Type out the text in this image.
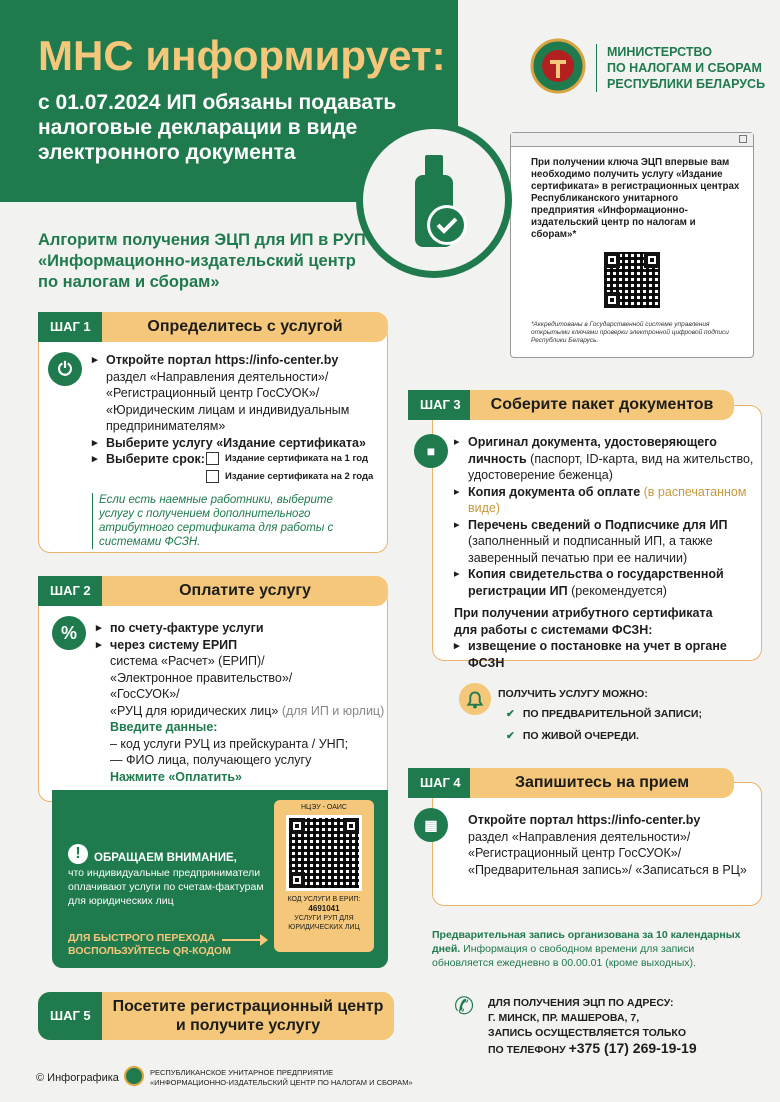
МНС информирует:
с 01.07.2024 ИП обязаны подавать налоговые декларации в виде электронного документа
МИНИСТЕРСТВО
ПО НАЛОГАМ И СБОРАМ
РЕСПУБЛИКИ БЕЛАРУСЬ
При получении ключа ЭЦП впервые вам необходимо получить услугу «Издание сертификата» в регистрационных центрах Республиканского унитарного предприятия «Информационно-издательский центр по налогам и сборам»*
*Аккредитованы в Государственной системе управления открытыми ключами проверки электронной цифровой подписи Республики Беларусь.
Алгоритм получения ЭЦП для ИП в РУП «Информационно-издательский центр по налогам и сборам»
ШАГ 1	Определитесь с услугой
⏻	▸ Откройте портал https://info-center.by
раздел «Направления деятельности»/ «Регистрационный центр ГосСУОК»/ «Юридическим лицам и индивидуальным предпринимателям»
▸ Выберите услугу «Издание сертификата»
▸ Выберите срок:	Издание сертификата на 1 год
Издание сертификата на 2 года
Если есть наемные работники, выберите услугу с получением дополнительного атрибутного сертификата для работы с системами ФСЗН.
ШАГ 2	Оплатите услугу
%	▸ по счету-фактуре услуги
▸ через систему ЕРИП
система «Расчет» (ЕРИП)/
«Электронное правительство»/
«ГосСУОК»/
«РУЦ для юридических лиц» (для ИП и юрлиц)
Введите данные:
– код услуги РУЦ из прейскуранта / УНП;
— ФИО лица, получающего услугу
Нажмите «Оплатить»
!	ОБРАЩАЕМ ВНИМАНИЕ,
что индивидуальные предприниматели оплачивают услуги по счетам-фактурам для юридических лиц
ДЛЯ БЫСТРОГО ПЕРЕХОДА ВОСПОЛЬЗУЙТЕСЬ QR-КОДОМ
НЦЭУ - ОАИС
КОД УСЛУГИ В ЕРИП:
4691041
УСЛУГИ РУП ДЛЯ ЮРИДИЧЕСКИХ ЛИЦ
ШАГ 3	Соберите пакет документов
■
▸ Оригинал документа, удостоверяющего личность (паспорт, ID-карта, вид на жительство, удостоверение беженца)
▸ Копия документа об оплате (в распечатанном виде)
▸ Перечень сведений о Подписчике для ИП (заполненный и подписанный ИП, а также заверенный печатью при ее наличии)
▸ Копия свидетельства о государственной регистрации ИП (рекомендуется)
При получении атрибутного сертификата для работы с системами ФСЗН:
▸ извещение о постановке на учет в органе ФСЗН
ПОЛУЧИТЬ УСЛУГУ МОЖНО:
✔ ПО ПРЕДВАРИТЕЛЬНОЙ ЗАПИСИ;
✔ ПО ЖИВОЙ ОЧЕРЕДИ.
ШАГ 4	Запишитесь на прием
▦	Откройте портал https://info-center.by
раздел «Направления деятельности»/ «Регистрационный центр ГосСУОК»/ «Предварительная запись»/ «Записаться в РЦ»
Предварительная запись организована за 10 календарных дней. Информация о свободном времени для записи обновляется ежедневно в 00.00.01 (кроме выходных).
ШАГ 5
Посетите регистрационный центр и получите услугу
✆ ДЛЯ ПОЛУЧЕНИЯ ЭЦП ПО АДРЕСУ:
Г. МИНСК, ПР. МАШЕРОВА, 7,
ЗАПИСЬ ОСУЩЕСТВЛЯЕТСЯ ТОЛЬКО
ПО ТЕЛЕФОНУ +375 (17) 269-19-19
© Инфографика	РЕСПУБЛИКАНСКОЕ УНИТАРНОЕ ПРЕДПРИЯТИЕ
«ИНФОРМАЦИОННО-ИЗДАТЕЛЬСКИЙ ЦЕНТР ПО НАЛОГАМ И СБОРАМ»
